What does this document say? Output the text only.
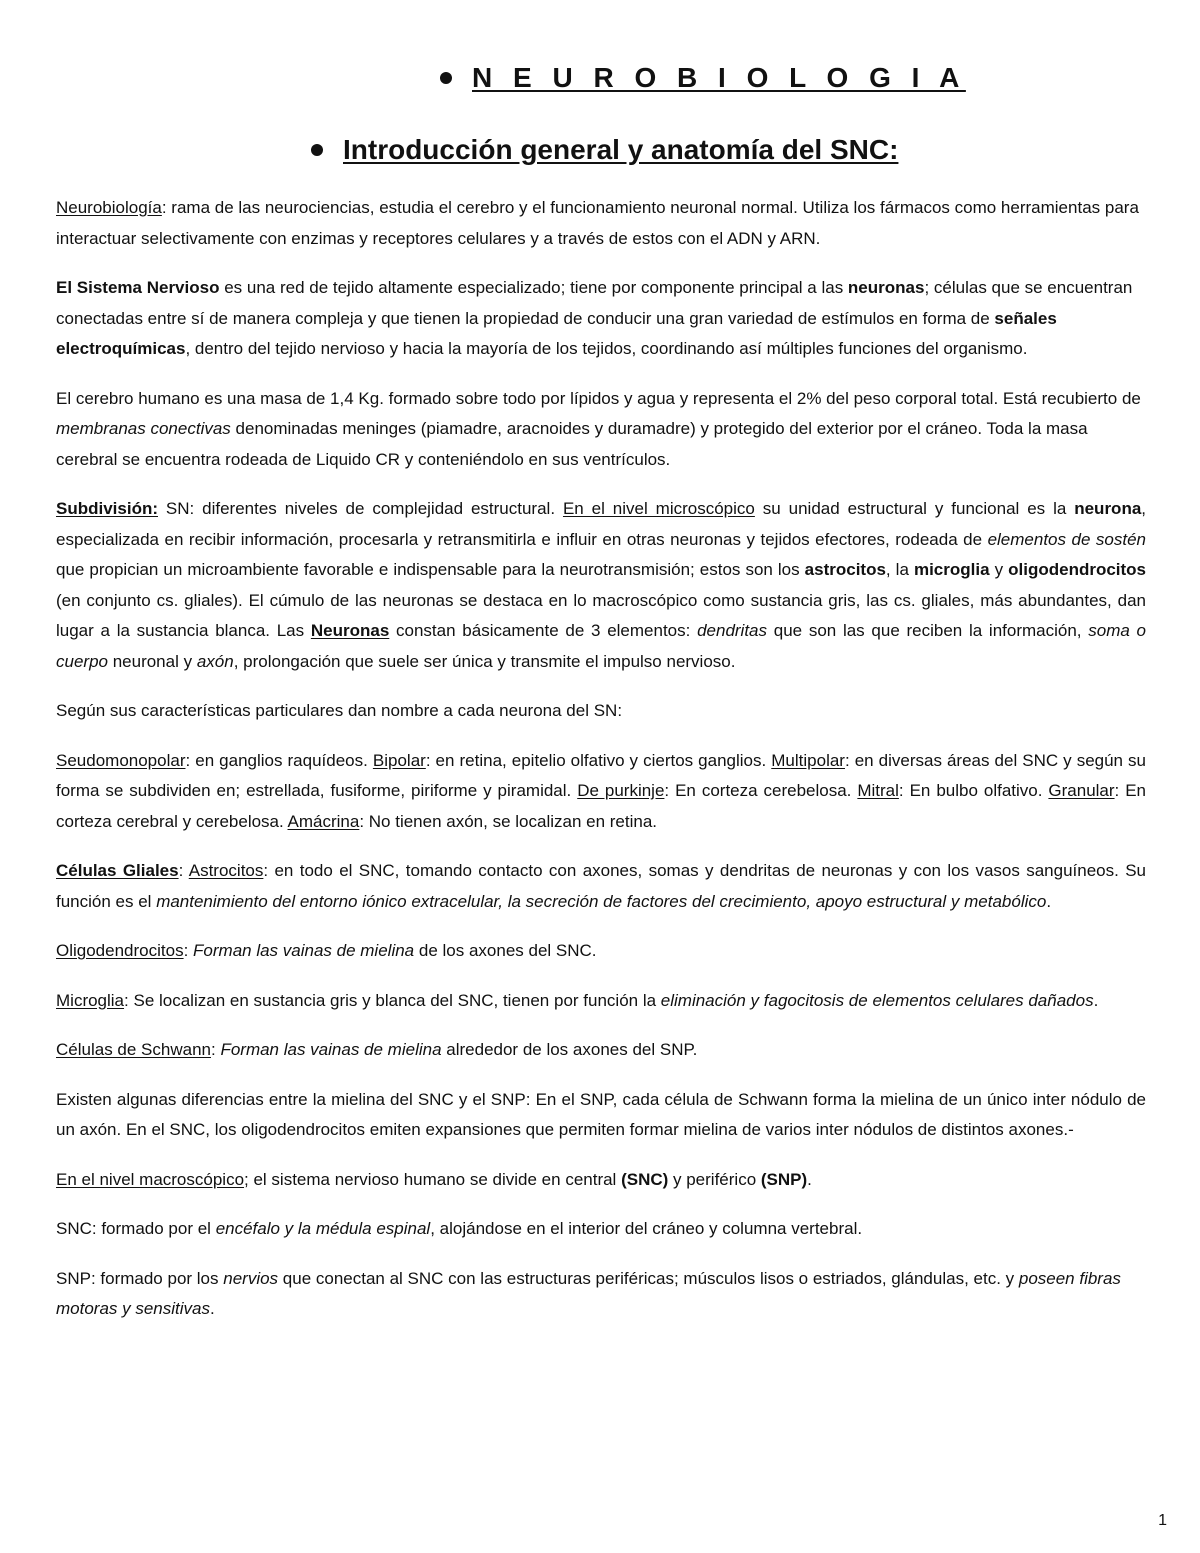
N E U R O B I O L O G I A
Introducción general y anatomía del SNC:

Neurobiología: rama de las neurociencias, estudia el cerebro y el funcionamiento neuronal normal. Utiliza los fármacos como herramientas para interactuar selectivamente con enzimas y receptores celulares y a través de estos con el ADN y ARN.

El Sistema Nervioso es una red de tejido altamente especializado; tiene por componente principal a las neuronas; células que se encuentran conectadas entre sí de manera compleja y que tienen la propiedad de conducir una gran variedad de estímulos en forma de señales electroquímicas, dentro del tejido nervioso y hacia la mayoría de los tejidos, coordinando así múltiples funciones del organismo.

El cerebro humano es una masa de 1,4 Kg. formado sobre todo por lípidos y agua y representa el 2% del peso corporal total. Está recubierto de membranas conectivas denominadas meninges (piamadre, aracnoides y duramadre) y protegido del exterior por el cráneo. Toda la masa cerebral se encuentra rodeada de Liquido CR y conteniéndolo en sus ventrículos.

Subdivisión: SN: diferentes niveles de complejidad estructural. En el nivel microscópico su unidad estructural y funcional es la neurona, especializada en recibir información, procesarla y retransmitirla e influir en otras neuronas y tejidos efectores, rodeada de elementos de sostén que propician un microambiente favorable e indispensable para la neurotransmisión; estos son los astrocitos, la microglia y oligodendrocitos (en conjunto cs. gliales). El cúmulo de las neuronas se destaca en lo macroscópico como sustancia gris, las cs. gliales, más abundantes, dan lugar a la sustancia blanca. Las Neuronas constan básicamente de 3 elementos: dendritas que son las que reciben la información, soma o cuerpo neuronal y axón, prolongación que suele ser única y transmite el impulso nervioso.

Según sus características particulares dan nombre a cada neurona del SN:

Seudomonopolar: en ganglios raquídeos. Bipolar: en retina, epitelio olfativo y ciertos ganglios. Multipolar: en diversas áreas del SNC y según su forma se subdividen en; estrellada, fusiforme, piriforme y piramidal. De purkinje: En corteza cerebelosa. Mitral: En bulbo olfativo. Granular: En corteza cerebral y cerebelosa. Amácrina: No tienen axón, se localizan en retina.

Células Gliales: Astrocitos: en todo el SNC, tomando contacto con axones, somas y dendritas de neuronas y con los vasos sanguíneos. Su función es el mantenimiento del entorno iónico extracelular, la secreción de factores del crecimiento, apoyo estructural y metabólico.

Oligodendrocitos: Forman las vainas de mielina de los axones del SNC.

Microglia: Se localizan en sustancia gris y blanca del SNC, tienen por función la eliminación y fagocitosis de elementos celulares dañados.

Células de Schwann: Forman las vainas de mielina alrededor de los axones del SNP.

Existen algunas diferencias entre la mielina del SNC y el SNP: En el SNP, cada célula de Schwann forma la mielina de un único inter nódulo de un axón. En el SNC, los oligodendrocitos emiten expansiones que permiten formar mielina de varios inter nódulos de distintos axones.-

En el nivel macroscópico; el sistema nervioso humano se divide en central (SNC) y periférico (SNP).

SNC: formado por el encéfalo y la médula espinal, alojándose en el interior del cráneo y columna vertebral.

SNP: formado por los nervios que conectan al SNC con las estructuras periféricas; músculos lisos o estriados, glándulas, etc. y poseen fibras motoras y sensitivas.

1
